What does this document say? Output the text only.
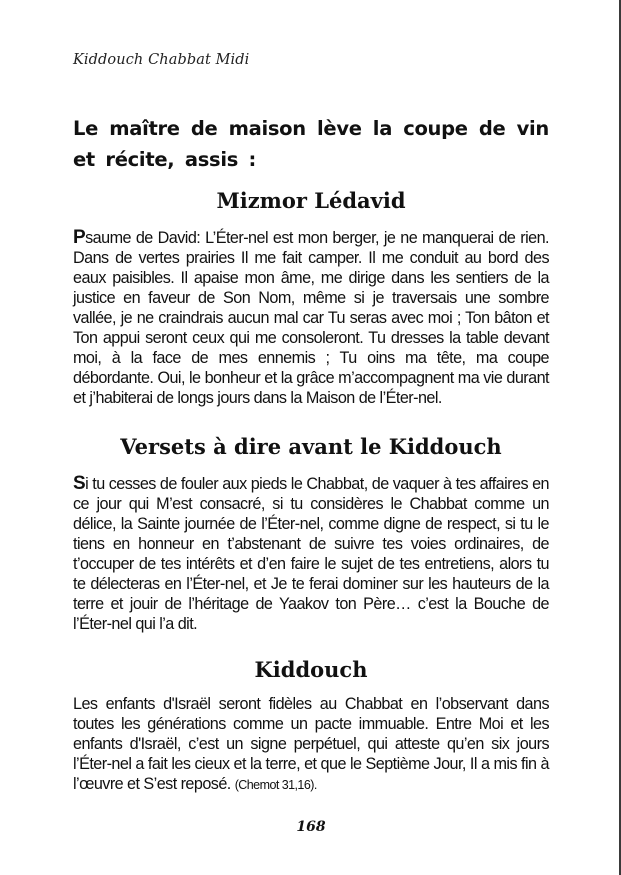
Kiddouch Chabbat Midi
Le maître de maison lève la coupe de vin et récite, assis :
Mizmor Lédavid
Psaume de David: L’Éter-nel est mon berger, je ne manquerai de rien. Dans de vertes prairies Il me fait camper. Il me conduit au bord des eaux paisibles. Il apaise mon âme, me dirige dans les sentiers de la justice en faveur de Son Nom, même si je traversais une sombre vallée, je ne craindrais aucun mal car Tu seras avec moi ; Ton bâton et Ton appui seront ceux qui me consoleront. Tu dresses la table devant moi, à la face de mes ennemis ; Tu oins ma tête, ma coupe débordante. Oui, le bonheur et la grâce m’accompagnent ma vie durant et j’habiterai de longs jours dans la Maison de l’Éter-nel.
Versets à dire avant le Kiddouch
Si tu cesses de fouler aux pieds le Chabbat, de vaquer à tes affaires en ce jour qui M’est consacré, si tu considères le Chabbat comme un délice, la Sainte journée de l’Éter-nel, comme digne de respect, si tu le tiens en honneur en t’abstenant de suivre tes voies ordinaires, de t’occuper de tes intérêts et d’en faire le sujet de tes entretiens, alors tu te délecteras en l’Éter-nel, et Je te ferai dominer sur les hauteurs de la terre et jouir de l’héritage de Yaakov ton Père… c’est la Bouche de l’Éter-nel qui l’a dit.
Kiddouch
Les enfants d'Israël seront fidèles au Chabbat en l’observant dans toutes les générations comme un pacte immuable. Entre Moi et les enfants d'Israël, c’est un signe perpétuel, qui atteste qu’en six jours l’Éter-nel a fait les cieux et la terre, et que le Septième Jour, Il a mis fin à l’œuvre et S’est reposé. (Chemot 31,16).
168
